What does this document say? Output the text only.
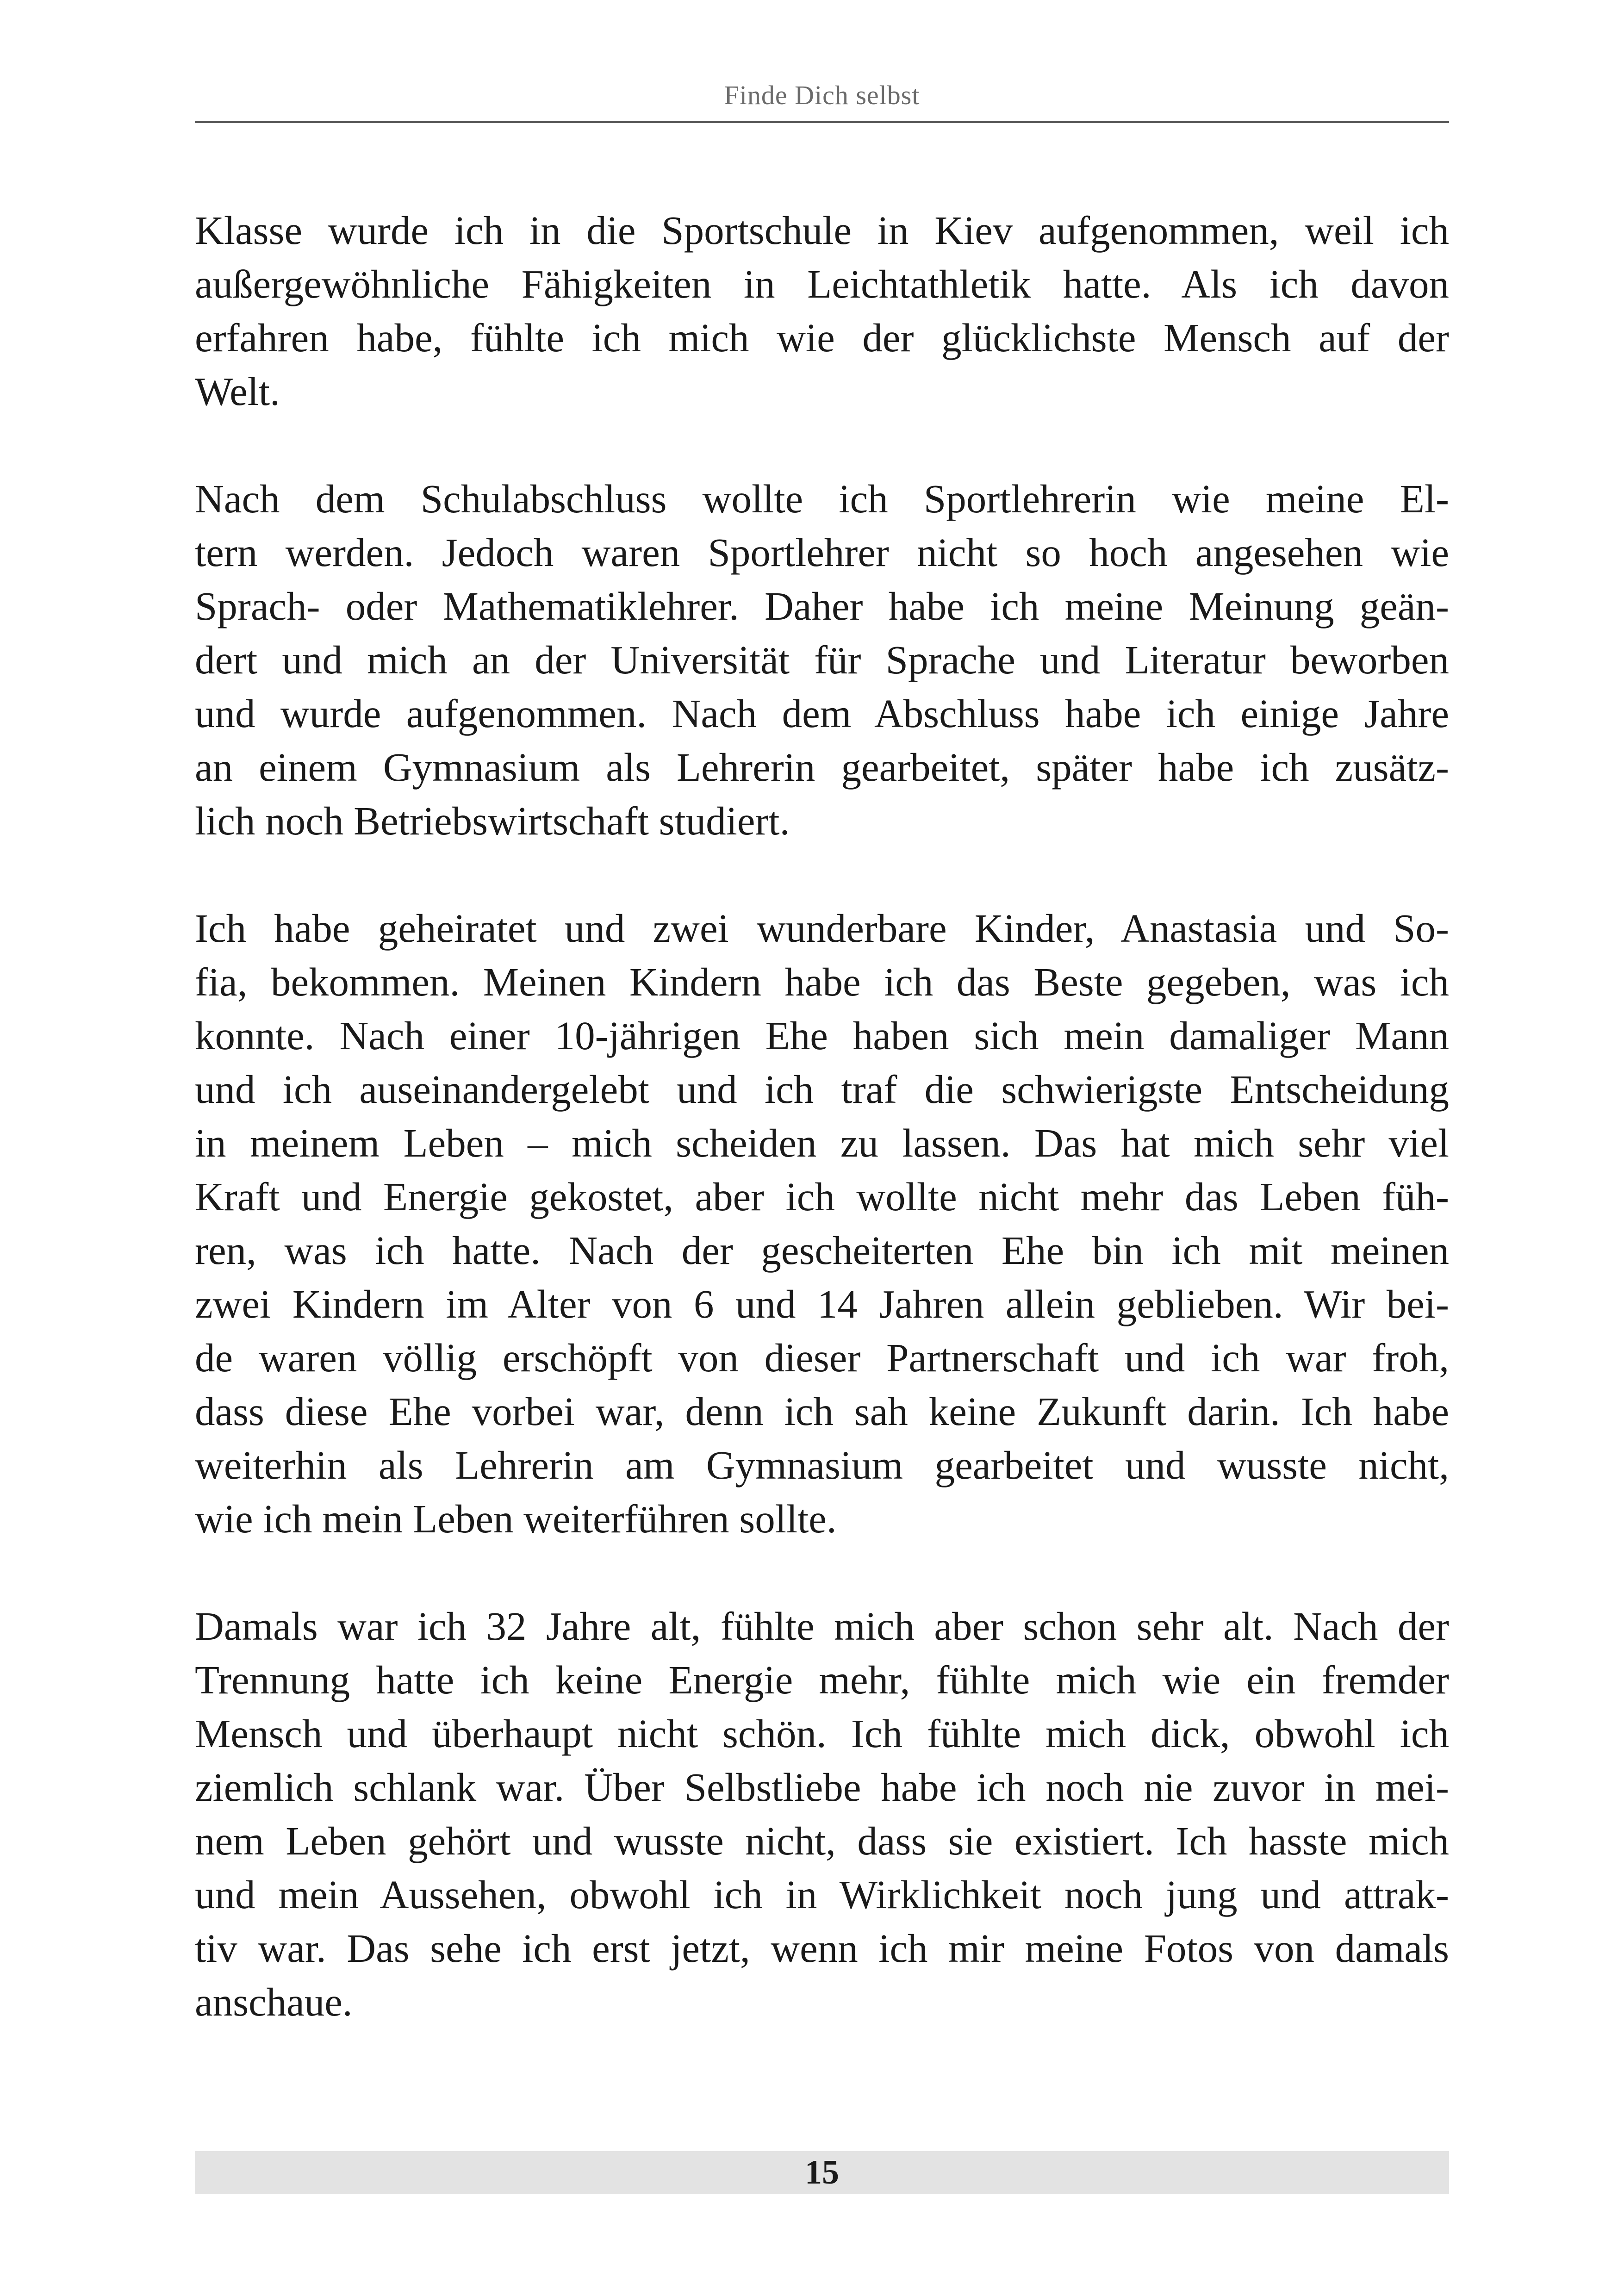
Finde Dich selbst

Klasse wurde ich in die Sportschule in Kiev aufgenommen, weil ich
außergewöhnliche Fähigkeiten in Leichtathletik hatte. Als ich davon
erfahren habe, fühlte ich mich wie der glücklichste Mensch auf der
Welt.

Nach dem Schulabschluss wollte ich Sportlehrerin wie meine El-
tern werden. Jedoch waren Sportlehrer nicht so hoch angesehen wie
Sprach- oder Mathematiklehrer. Daher habe ich meine Meinung geän-
dert und mich an der Universität für Sprache und Literatur beworben
und wurde aufgenommen. Nach dem Abschluss habe ich einige Jahre
an einem Gymnasium als Lehrerin gearbeitet, später habe ich zusätz-
lich noch Betriebswirtschaft studiert.

Ich habe geheiratet und zwei wunderbare Kinder, Anastasia und So-
fia, bekommen. Meinen Kindern habe ich das Beste gegeben, was ich
konnte. Nach einer 10-jährigen Ehe haben sich mein damaliger Mann
und ich auseinandergelebt und ich traf die schwierigste Entscheidung
in meinem Leben – mich scheiden zu lassen. Das hat mich sehr viel
Kraft und Energie gekostet, aber ich wollte nicht mehr das Leben füh-
ren, was ich hatte. Nach der gescheiterten Ehe bin ich mit meinen
zwei Kindern im Alter von 6 und 14 Jahren allein geblieben. Wir bei-
de waren völlig erschöpft von dieser Partnerschaft und ich war froh,
dass diese Ehe vorbei war, denn ich sah keine Zukunft darin. Ich habe
weiterhin als Lehrerin am Gymnasium gearbeitet und wusste nicht,
wie ich mein Leben weiterführen sollte.

Damals war ich 32 Jahre alt, fühlte mich aber schon sehr alt. Nach der
Trennung hatte ich keine Energie mehr, fühlte mich wie ein fremder
Mensch und überhaupt nicht schön. Ich fühlte mich dick, obwohl ich
ziemlich schlank war. Über Selbstliebe habe ich noch nie zuvor in mei-
nem Leben gehört und wusste nicht, dass sie existiert. Ich hasste mich
und mein Aussehen, obwohl ich in Wirklichkeit noch jung und attrak-
tiv war. Das sehe ich erst jetzt, wenn ich mir meine Fotos von damals
anschaue.

15
